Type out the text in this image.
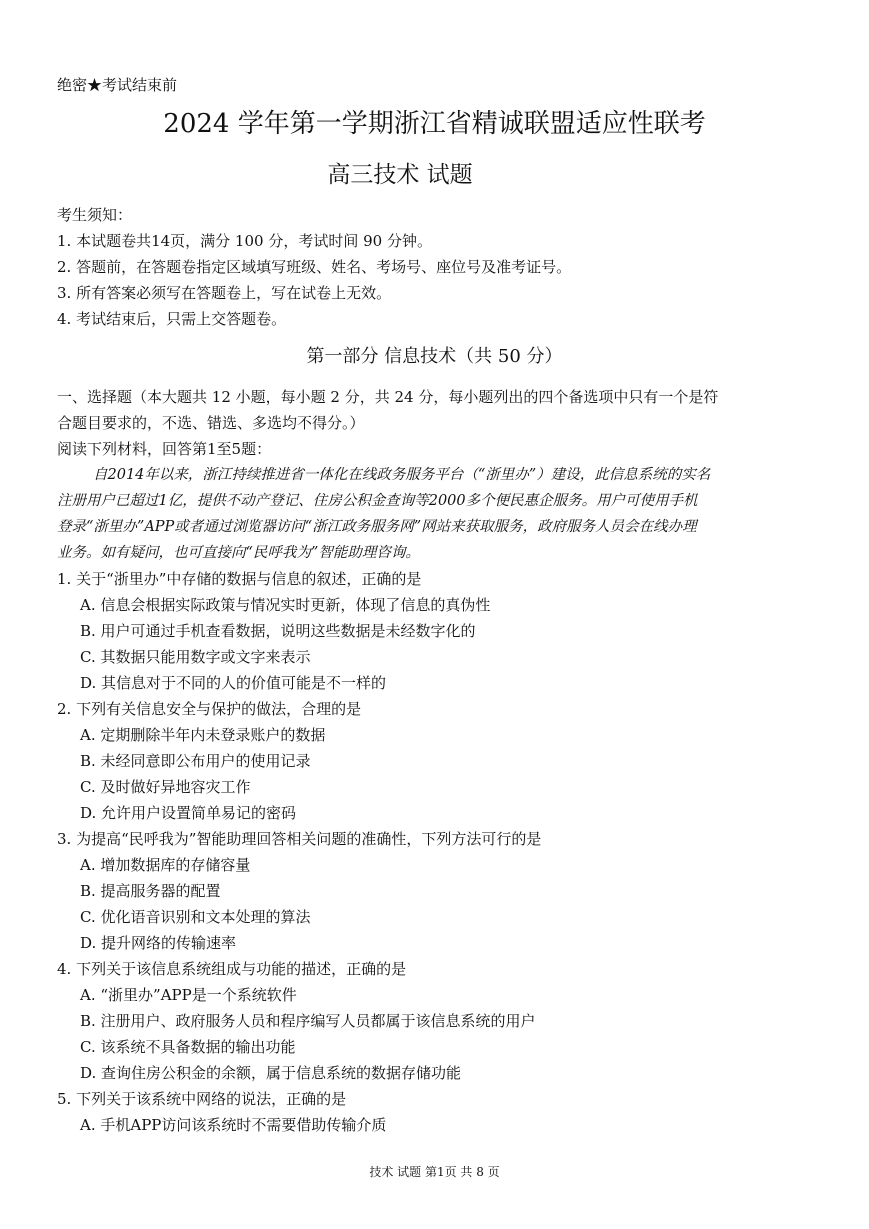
绝密★考试结束前
2024 学年第一学期浙江省精诚联盟适应性联考
高三技术 试题
考生须知：
1. 本试题卷共14页，满分 100 分，考试时间 90 分钟。
2. 答题前，在答题卷指定区域填写班级、姓名、考场号、座位号及准考证号。
3. 所有答案必须写在答题卷上，写在试卷上无效。
4. 考试结束后，只需上交答题卷。
第一部分 信息技术（共 50 分）
一、选择题（本大题共 12 小题，每小题 2 分，共 24 分，每小题列出的四个备选项中只有一个是符
合题目要求的，不选、错选、多选均不得分。）
阅读下列材料，回答第1至5题：
自2014年以来，浙江持续推进省一体化在线政务服务平台（“浙里办”）建设，此信息系统的实名
注册用户已超过1亿，提供不动产登记、住房公积金查询等2000多个便民惠企服务。用户可使用手机
登录“浙里办”APP或者通过浏览器访问“浙江政务服务网”网站来获取服务，政府服务人员会在线办理
业务。如有疑问，也可直接向“民呼我为”智能助理咨询。
1. 关于“浙里办”中存储的数据与信息的叙述，正确的是
A. 信息会根据实际政策与情况实时更新，体现了信息的真伪性
B. 用户可通过手机查看数据，说明这些数据是未经数字化的
C. 其数据只能用数字或文字来表示
D. 其信息对于不同的人的价值可能是不一样的
2. 下列有关信息安全与保护的做法，合理的是
A. 定期删除半年内未登录账户的数据
B. 未经同意即公布用户的使用记录
C. 及时做好异地容灾工作
D. 允许用户设置简单易记的密码
3. 为提高“民呼我为”智能助理回答相关问题的准确性，下列方法可行的是
A. 增加数据库的存储容量
B. 提高服务器的配置
C. 优化语音识别和文本处理的算法
D. 提升网络的传输速率
4. 下列关于该信息系统组成与功能的描述，正确的是
A. “浙里办”APP是一个系统软件
B. 注册用户、政府服务人员和程序编写人员都属于该信息系统的用户
C. 该系统不具备数据的输出功能
D. 查询住房公积金的余额，属于信息系统的数据存储功能
5. 下列关于该系统中网络的说法，正确的是
A. 手机APP访问该系统时不需要借助传输介质
技术 试题 第1页 共 8 页
